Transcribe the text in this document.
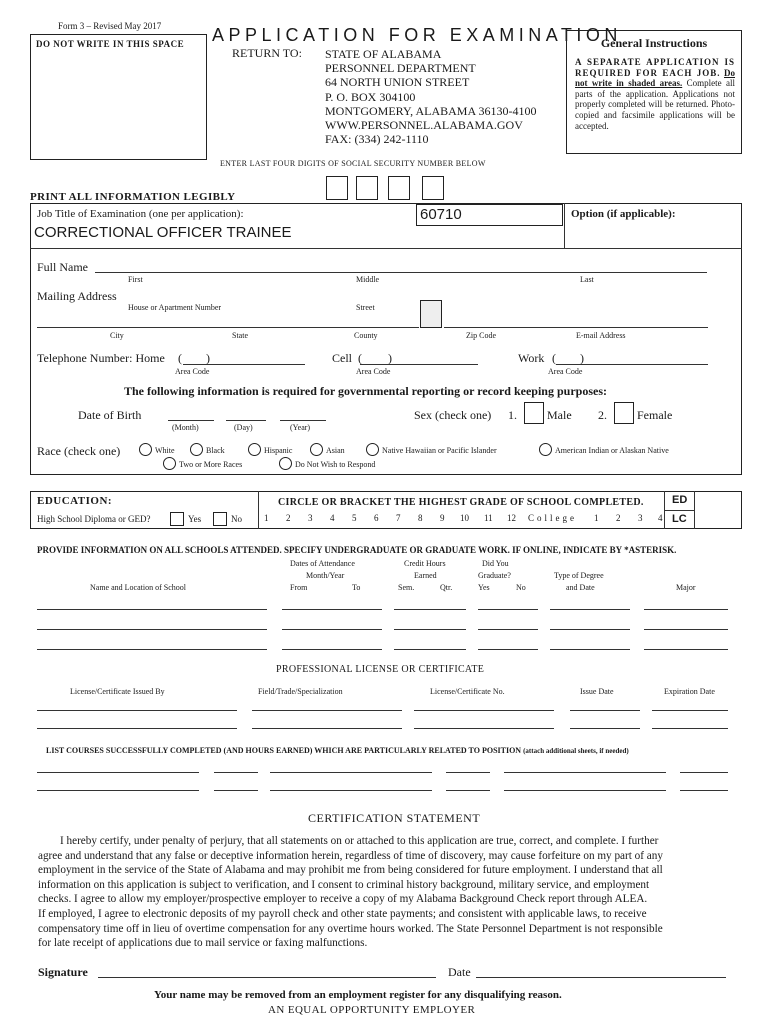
Form 3 – Revised May 2017
DO NOT WRITE IN THIS SPACE APPLICATION FOR EXAMINATION
RETURN TO: STATE OF ALABAMA
PERSONNEL DEPARTMENT
64 NORTH UNION STREET
P. O. BOX 304100
MONTGOMERY, ALABAMA 36130-4100
WWW.PERSONNEL.ALABAMA.GOV
FAX: (334) 242-1110
General Instructions
A SEPARATE APPLICATION IS REQUIRED FOR EACH JOB. Do not write in shaded areas. Complete all parts of the application. Applications not properly completed will be returned. Photo-copied and facsimile applications will be accepted.
ENTER LAST FOUR DIGITS OF SOCIAL SECURITY NUMBER BELOW
PRINT ALL INFORMATION LEGIBLY
Job Title of Examination (one per application):
CORRECTIONAL OFFICER TRAINEE
60710	Option (if applicable):
Full Name
First	Middle	Last
Mailing Address
House or Apartment Number	Street
City	State	County	Zip Code	E-mail Address
Telephone Number: Home ( )
Area Code
Cell ( )
Area Code
Work ( )
Area Code
The following information is required for governmental reporting or record keeping purposes:
Date of Birth
(Month)	(Day)	(Year)
Sex (check one) 1.	Male 2.	Female
Race (check one)	White	Black	Hispanic	Asian	Native Hawaiian or Pacific Islander	American Indian or Alaskan Native
Two or More Races	Do Not Wish to Respond
EDUCATION:
High School Diploma or GED?	Yes	No
CIRCLE OR BRACKET THE HIGHEST GRADE OF SCHOOL COMPLETED.
1 2 3 4 5 6 7 8 9 10 11 12 College 1 2 3 4
ED
LC
PROVIDE INFORMATION ON ALL SCHOOLS ATTENDED. SPECIFY UNDERGRADUATE OR GRADUATE WORK. IF ONLINE, INDICATE BY *ASTERISK.
Dates of Attendance
Month/Year
From	To
Credit Hours
Earned
Sem.	Qtr.
Did You
Graduate?
Yes	No
Type of Degree
and Date	Major
Name and Location of School
PROFESSIONAL LICENSE OR CERTIFICATE
License/Certificate Issued By	Field/Trade/Specialization	License/Certificate No.	Issue Date	Expiration Date
LIST COURSES SUCCESSFULLY COMPLETED (AND HOURS EARNED) WHICH ARE PARTICULARLY RELATED TO POSITION (attach additional sheets, if needed)
CERTIFICATION STATEMENT
I hereby certify, under penalty of perjury, that all statements on or attached to this application are true, correct, and complete. I further
agree and understand that any false or deceptive information herein, regardless of time of discovery, may cause forfeiture on my part of any
employment in the service of the State of Alabama and may prohibit me from being considered for future employment. I understand that all
information on this application is subject to verification, and I consent to criminal history background, military service, and employment
checks. I agree to allow my employer/prospective employer to receive a copy of my Alabama Background Check report through ALEA.
If employed, I agree to electronic deposits of my payroll check and other state payments; and consistent with applicable laws, to receive
compensatory time off in lieu of overtime compensation for any overtime hours worked. The State Personnel Department is not responsible
for late receipt of applications due to mail service or faxing malfunctions.
Signature	Date
Your name may be removed from an employment register for any disqualifying reason.
AN EQUAL OPPORTUNITY EMPLOYER
